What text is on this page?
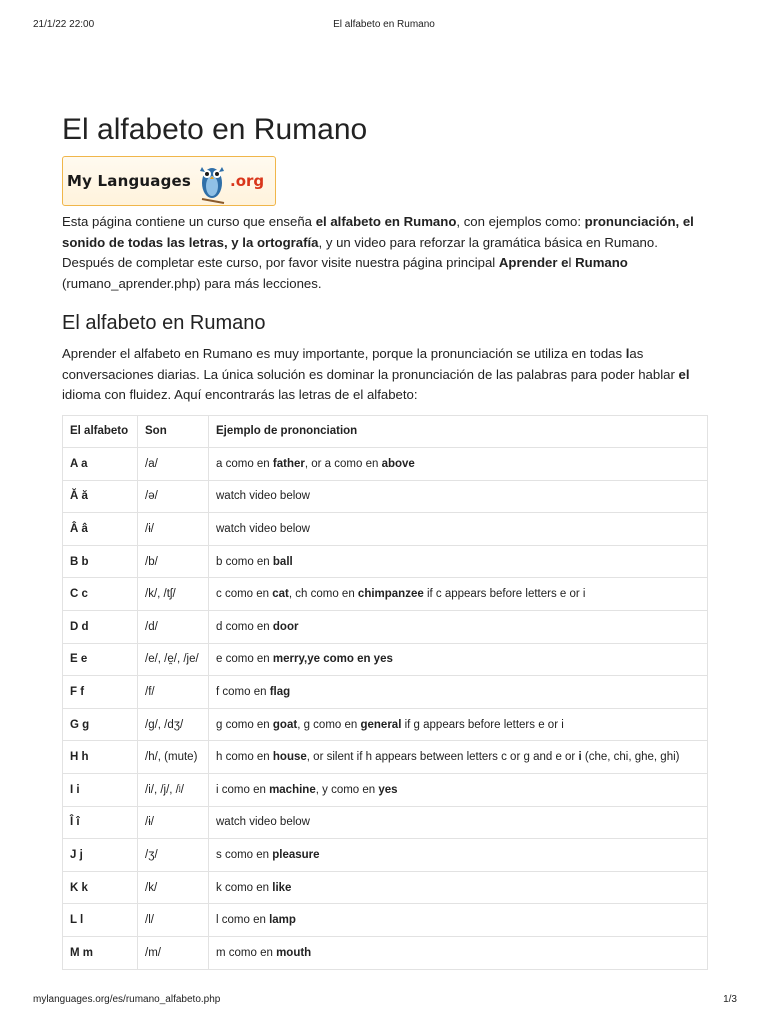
21/1/22 22:00	El alfabeto en Rumano
El alfabeto en Rumano
My Languages	.org

Esta página contiene un curso que enseña el alfabeto en Rumano, con ejemplos como: pronunciación, el sonido de todas las letras, y la ortografía, y un video para reforzar la gramática básica en Rumano. Después de completar este curso, por favor visite nuestra página principal Aprender el Rumano (rumano_aprender.php) para más lecciones.

El alfabeto en Rumano

Aprender el alfabeto en Rumano es muy importante, porque la pronunciación se utiliza en todas las conversaciones diarias. La única solución es dominar la pronunciación de las palabras para poder hablar el idioma con fluidez. Aquí encontrarás las letras de el alfabeto:

El alfabeto	Son	Ejemplo de prononciation
A a	/a/	a como en father, or a como en above
Ă ă	/ə/	watch video below
Â â	/ɨ/	watch video below
B b	/b/	b como en ball
C c	/k/, /tʃ/	c como en cat, ch como en chimpanzee if c appears before letters e or i
D d	/d/	d como en door
E e	/e/, /e̯/, /je/	e como en merry,ye como en yes
F f	/f/	f como en flag
G g	/g/, /dʒ/	g como en goat, g como en general if g appears before letters e or i
H h	/h/, (mute)	h como en house, or silent if h appears between letters c or g and e or i (che, chi, ghe, ghi)
I i	/i/, /j/, /ʲ/	i como en machine, y como en yes
Î î	/ɨ/	watch video below
J j	/ʒ/	s como en pleasure
K k	/k/	k como en like
L l	/l/	l como en lamp
M m	/m/	m como en mouth
mylanguages.org/es/rumano_alfabeto.php	1/3
